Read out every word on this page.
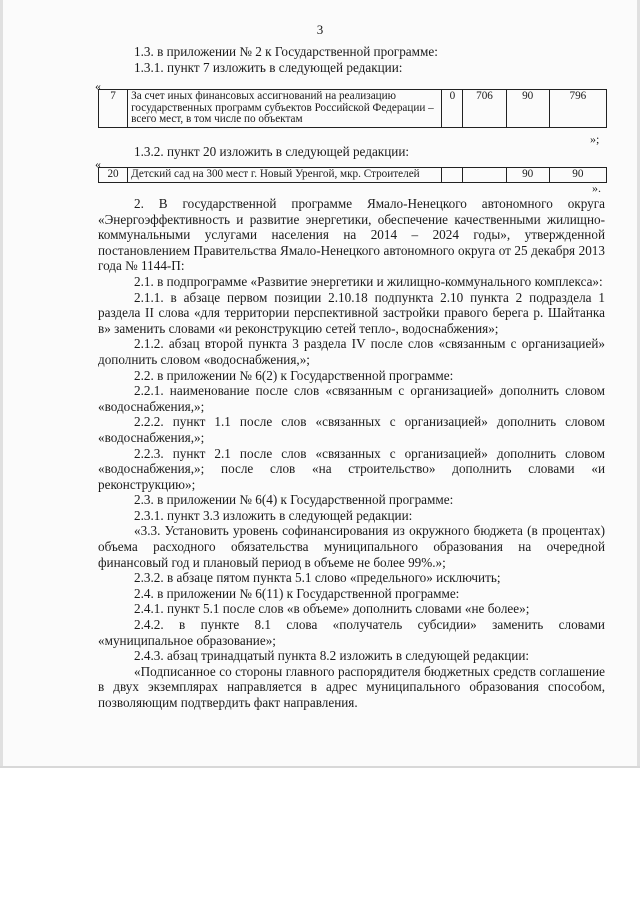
3

1.3. в приложении № 2 к Государственной программе:

1.3.1. пункт 7 изложить в следующей редакции:

«
7	За счет иных финансовых ассигнований на реализацию государственных программ субъектов Российской Федерации – всего мест, в том числе по объектам	0	706	90	796
»;

1.3.2. пункт 20 изложить в следующей редакции:

«
20	Детский сад на 300 мест г. Новый Уренгой, мкр. Строителей			90	90
».

2. В государственной программе Ямало-Ненецкого автономного округа «Энергоэффективность и развитие энергетики, обеспечение качественными жилищно-коммунальными услугами населения на 2014 – 2024 годы», утвержденной постановлением Правительства Ямало-Ненецкого автономного округа от 25 декабря 2013 года № 1144-П:

2.1. в подпрограмме «Развитие энергетики и жилищно-коммунального комплекса»:

2.1.1. в абзаце первом позиции 2.10.18 подпункта 2.10 пункта 2 подраздела 1 раздела II слова «для территории перспективной застройки правого берега р. Шайтанка в» заменить словами «и реконструкцию сетей тепло-, водоснабжения»;

2.1.2. абзац второй пункта 3 раздела IV после слов «связанным с организацией» дополнить словом «водоснабжения,»;

2.2. в приложении № 6(2) к Государственной программе:

2.2.1. наименование после слов «связанным с организацией» дополнить словом «водоснабжения,»;

2.2.2. пункт 1.1 после слов «связанных с организацией» дополнить словом «водоснабжения,»;

2.2.3. пункт 2.1 после слов «связанных с организацией» дополнить словом «водоснабжения,»; после слов «на строительство» дополнить словами «и реконструкцию»;

2.3. в приложении № 6(4) к Государственной программе:

2.3.1. пункт 3.3 изложить в следующей редакции:

«3.3. Установить уровень софинансирования из окружного бюджета (в процентах) объема расходного обязательства муниципального образования на очередной финансовый год и плановый период в объеме не более 99%.»;

2.3.2. в абзаце пятом пункта 5.1 слово «предельного» исключить;

2.4. в приложении № 6(11) к Государственной программе:

2.4.1. пункт 5.1 после слов «в объеме» дополнить словами «не более»;

2.4.2. в пункте 8.1 слова «получатель субсидии» заменить словами «муниципальное образование»;

2.4.3. абзац тринадцатый пункта 8.2 изложить в следующей редакции:

«Подписанное со стороны главного распорядителя бюджетных средств соглашение в двух экземплярах направляется в адрес муниципального образования способом, позволяющим подтвердить факт направления.
